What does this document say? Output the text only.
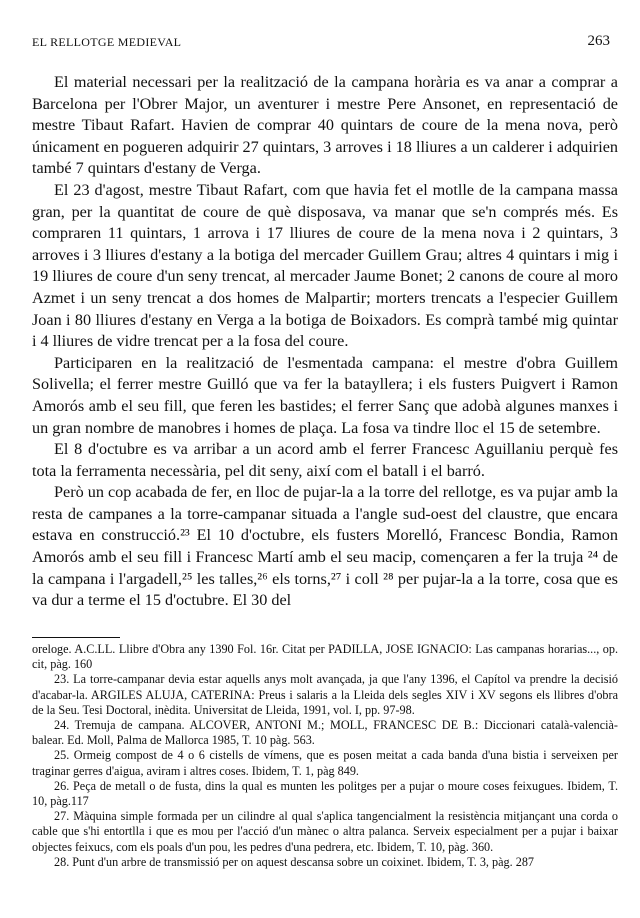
EL RELLOTGE MEDIEVAL	263

El material necessari per la realització de la campana horària es va anar a comprar a Barcelona per l'Obrer Major, un aventurer i mestre Pere Ansonet, en representació de mestre Tibaut Rafart. Havien de comprar 40 quintars de coure de la mena nova, però únicament en pogueren adquirir 27 quintars, 3 arroves i 18 lliures a un calderer i adquirien també 7 quintars d'estany de Verga.

El 23 d'agost, mestre Tibaut Rafart, com que havia fet el motlle de la campana massa gran, per la quantitat de coure de què disposava, va manar que se'n comprés més. Es compraren 11 quintars, 1 arrova i 17 lliures de coure de la mena nova i 2 quintars, 3 arroves i 3 lliures d'estany a la botiga del mercader Guillem Grau; altres 4 quintars i mig i 19 lliures de coure d'un seny trencat, al mercader Jaume Bonet; 2 canons de coure al moro Azmet i un seny trencat a dos homes de Malpartir; morters trencats a l'especier Guillem Joan i 80 lliures d'estany en Verga a la botiga de Boixadors. Es comprà també mig quintar i 4 lliures de vidre trencat per a la fosa del coure.

Participaren en la realització de l'esmentada campana: el mestre d'obra Guillem Solivella; el ferrer mestre Guilló que va fer la batayllera; i els fusters Puigvert i Ramon Amorós amb el seu fill, que feren les bastides; el ferrer Sanç que adobà algunes manxes i un gran nombre de manobres i homes de plaça. La fosa va tindre lloc el 15 de setembre.

El 8 d'octubre es va arribar a un acord amb el ferrer Francesc Aguillaniu perquè fes tota la ferramenta necessària, pel dit seny, així com el batall i el barró.

Però un cop acabada de fer, en lloc de pujar-la a la torre del rellotge, es va pujar amb la resta de campanes a la torre-campanar situada a l'angle sud-oest del claustre, que encara estava en construcció.²³ El 10 d'octubre, els fusters Morelló, Francesc Bondia, Ramon Amorós amb el seu fill i Francesc Martí amb el seu macip, començaren a fer la truja ²⁴ de la campana i l'argadell,²⁵ les talles,²⁶ els torns,²⁷ i coll ²⁸ per pujar-la a la torre, cosa que es va dur a terme el 15 d'octubre. El 30 del

oreloge. A.C.LL. Llibre d'Obra any 1390 Fol. 16r. Citat per PADILLA, JOSE IGNACIO: Las campanas horarias..., op. cit, pàg. 160

23. La torre-campanar devia estar aquells anys molt avançada, ja que l'any 1396, el Capítol va prendre la decisió d'acabar-la. ARGILES ALUJA, CATERINA: Preus i salaris a la Lleida dels segles XIV i XV segons els llibres d'obra de la Seu. Tesi Doctoral, inèdita. Universitat de Lleida, 1991, vol. I, pp. 97-98.

24. Tremuja de campana. ALCOVER, ANTONI M.; MOLL, FRANCESC DE B.: Diccionari català-valencià-balear. Ed. Moll, Palma de Mallorca 1985, T. 10 pàg. 563.

25. Ormeig compost de 4 o 6 cistells de vímens, que es posen meitat a cada banda d'una bistia i serveixen per traginar gerres d'aigua, aviram i altres coses. Ibidem, T. 1, pàg 849.

26. Peça de metall o de fusta, dins la qual es munten les politges per a pujar o moure coses feixugues. Ibidem, T. 10, pàg.117

27. Màquina simple formada per un cilindre al qual s'aplica tangencialment la resistència mitjançant una corda o cable que s'hi entortlla i que es mou per l'acció d'un mànec o altra palanca. Serveix especialment per a pujar i baixar objectes feixucs, com els poals d'un pou, les pedres d'una pedrera, etc. Ibidem, T. 10, pàg. 360.

28. Punt d'un arbre de transmissió per on aquest descansa sobre un coixinet. Ibidem, T. 3, pàg. 287
